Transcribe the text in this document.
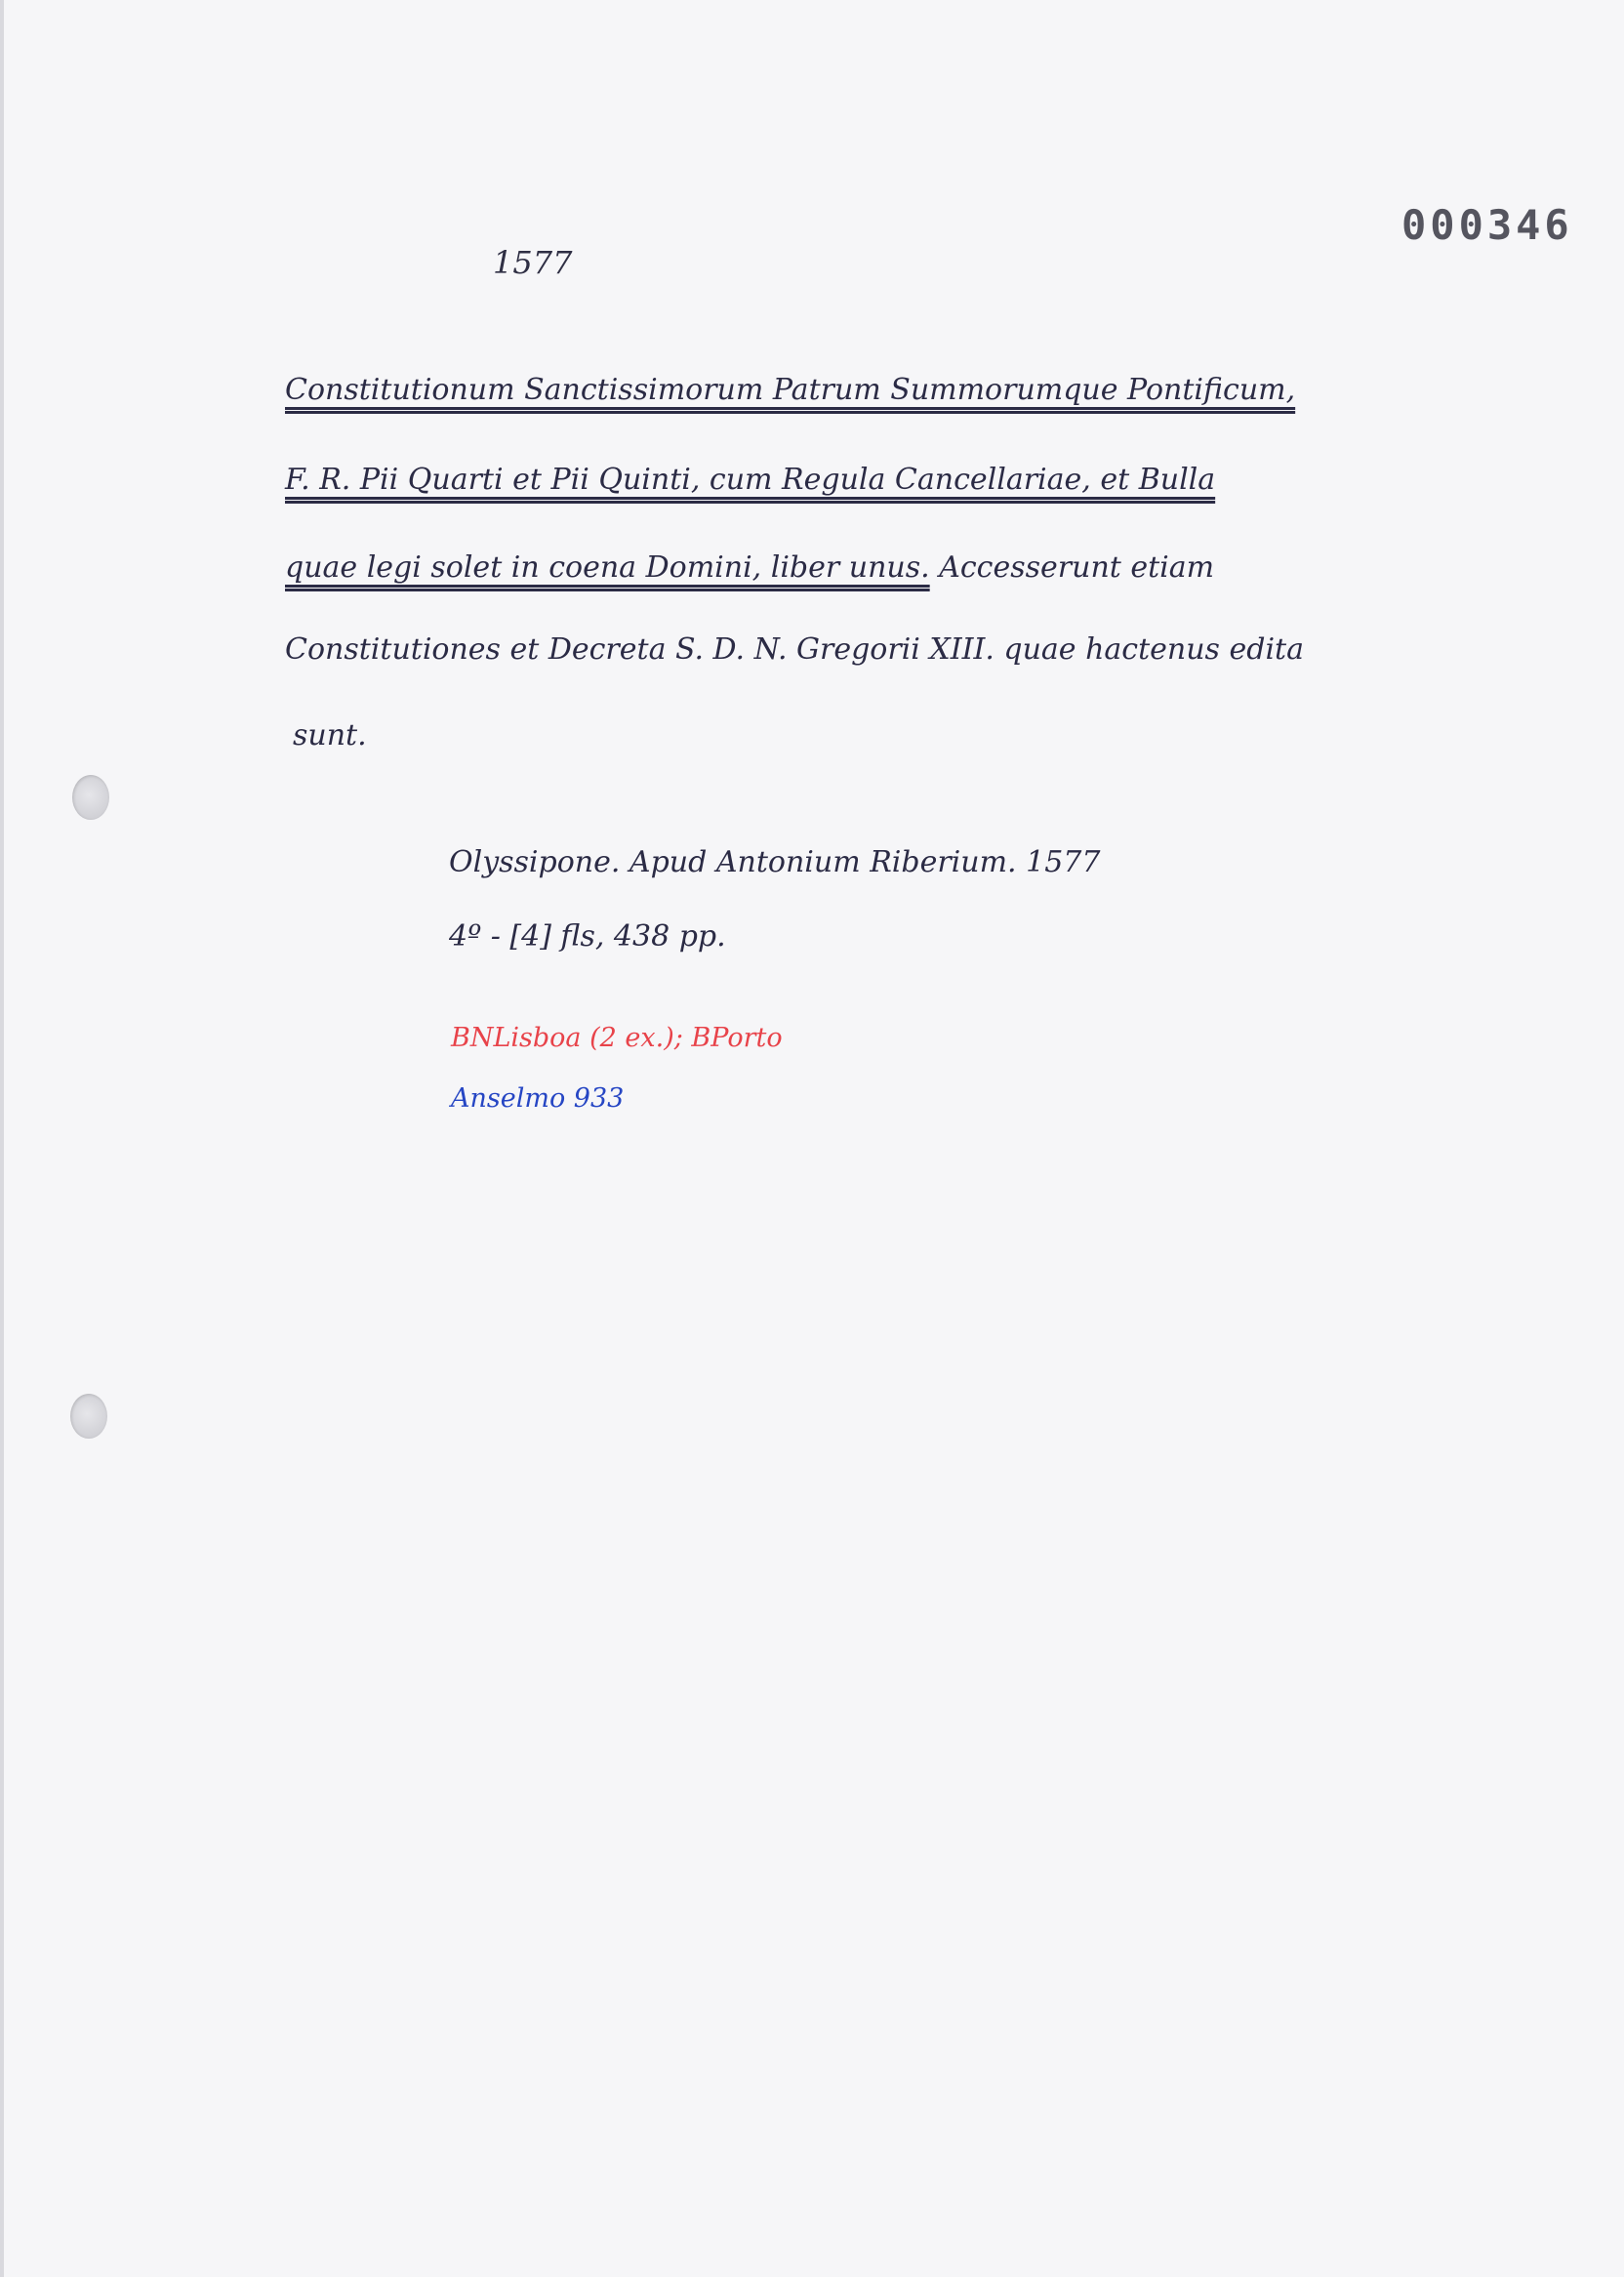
000346
1577
Constitutionum Sanctissimorum Patrum Summorumque Pontificum,
F. R. Pii Quarti et Pii Quinti, cum Regula Cancellariae, et Bulla
quae legi solet in coena Domini, liber unus. Accesserunt etiam
Constitutiones et Decreta S. D. N. Gregorii XIII. quae hactenus edita
sunt.
Olyssipone. Apud Antonium Riberium. 1577
4º - [4] fls, 438 pp.
BNLisboa (2 ex.); BPorto
Anselmo 933
